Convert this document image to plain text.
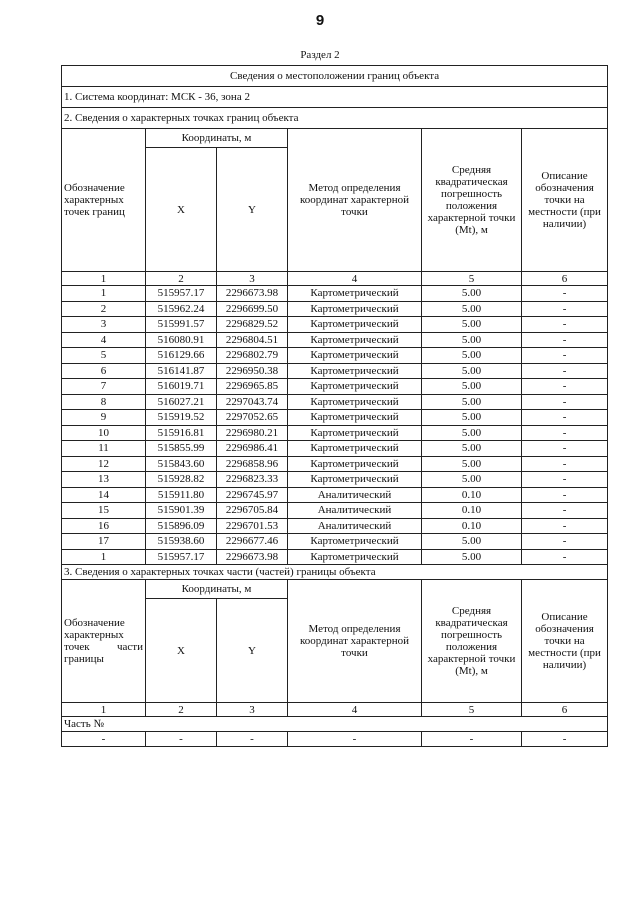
9
Раздел 2
Сведения о местоположении границ объекта					
1. Система координат: МСК - 36, зона 2					
2. Сведения о характерных точках границ объекта					
Обозначение характерных точек границ	Координаты, м		Метод определения координат характерной точки	Средняя квадратическая погрешность положения характерной точки (Mt), м	Описание обозначения точки на местности (при наличии)
	X	Y			
1	2	3	4	5	6
1	515957.17	2296673.98	Картометрический	5.00	-
2	515962.24	2296699.50	Картометрический	5.00	-
3	515991.57	2296829.52	Картометрический	5.00	-
4	516080.91	2296804.51	Картометрический	5.00	-
5	516129.66	2296802.79	Картометрический	5.00	-
6	516141.87	2296950.38	Картометрический	5.00	-
7	516019.71	2296965.85	Картометрический	5.00	-
8	516027.21	2297043.74	Картометрический	5.00	-
9	515919.52	2297052.65	Картометрический	5.00	-
10	515916.81	2296980.21	Картометрический	5.00	-
11	515855.99	2296986.41	Картометрический	5.00	-
12	515843.60	2296858.96	Картометрический	5.00	-
13	515928.82	2296823.33	Картометрический	5.00	-
14	515911.80	2296745.97	Аналитический	0.10	-
15	515901.39	2296705.84	Аналитический	0.10	-
16	515896.09	2296701.53	Аналитический	0.10	-
17	515938.60	2296677.46	Картометрический	5.00	-
1	515957.17	2296673.98	Картометрический	5.00	-
3. Сведения о характерных точках части (частей) границы объекта					
Обозначение характерных точек части границы	Координаты, м		Метод определения координат характерной точки	Средняя квадратическая погрешность положения характерной точки (Mt), м	Описание обозначения точки на местности (при наличии)
	X	Y			
1	2	3	4	5	6
Часть №					
-	-	-	-	-	-
